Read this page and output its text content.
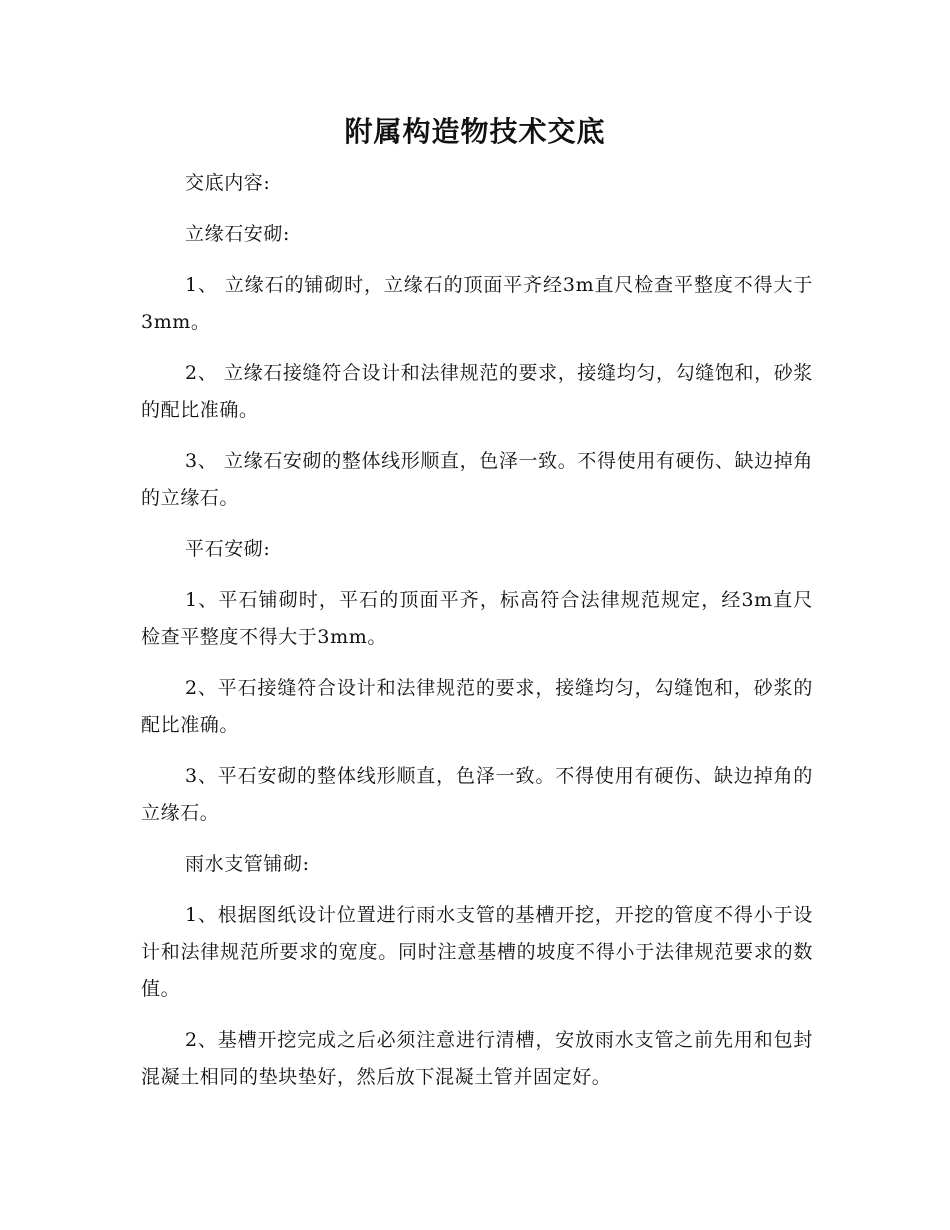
附属构造物技术交底

交底内容:

立缘石安砌:

1、 立缘石的铺砌时，立缘石的顶面平齐经3m直尺检查平整度不得大于3mm。

2、 立缘石接缝符合设计和法律规范的要求，接缝均匀，勾缝饱和，砂浆的配比准确。

3、 立缘石安砌的整体线形顺直，色泽一致。不得使用有硬伤、缺边掉角的立缘石。

平石安砌:

1、平石铺砌时，平石的顶面平齐，标高符合法律规范规定，经3m直尺检查平整度不得大于3mm。

2、平石接缝符合设计和法律规范的要求，接缝均匀，勾缝饱和，砂浆的配比准确。

3、平石安砌的整体线形顺直，色泽一致。不得使用有硬伤、缺边掉角的立缘石。

雨水支管铺砌:

1、根据图纸设计位置进行雨水支管的基槽开挖，开挖的管度不得小于设计和法律规范所要求的宽度。同时注意基槽的坡度不得小于法律规范要求的数值。

2、基槽开挖完成之后必须注意进行清槽，安放雨水支管之前先用和包封混凝土相同的垫块垫好，然后放下混凝土管并固定好。
